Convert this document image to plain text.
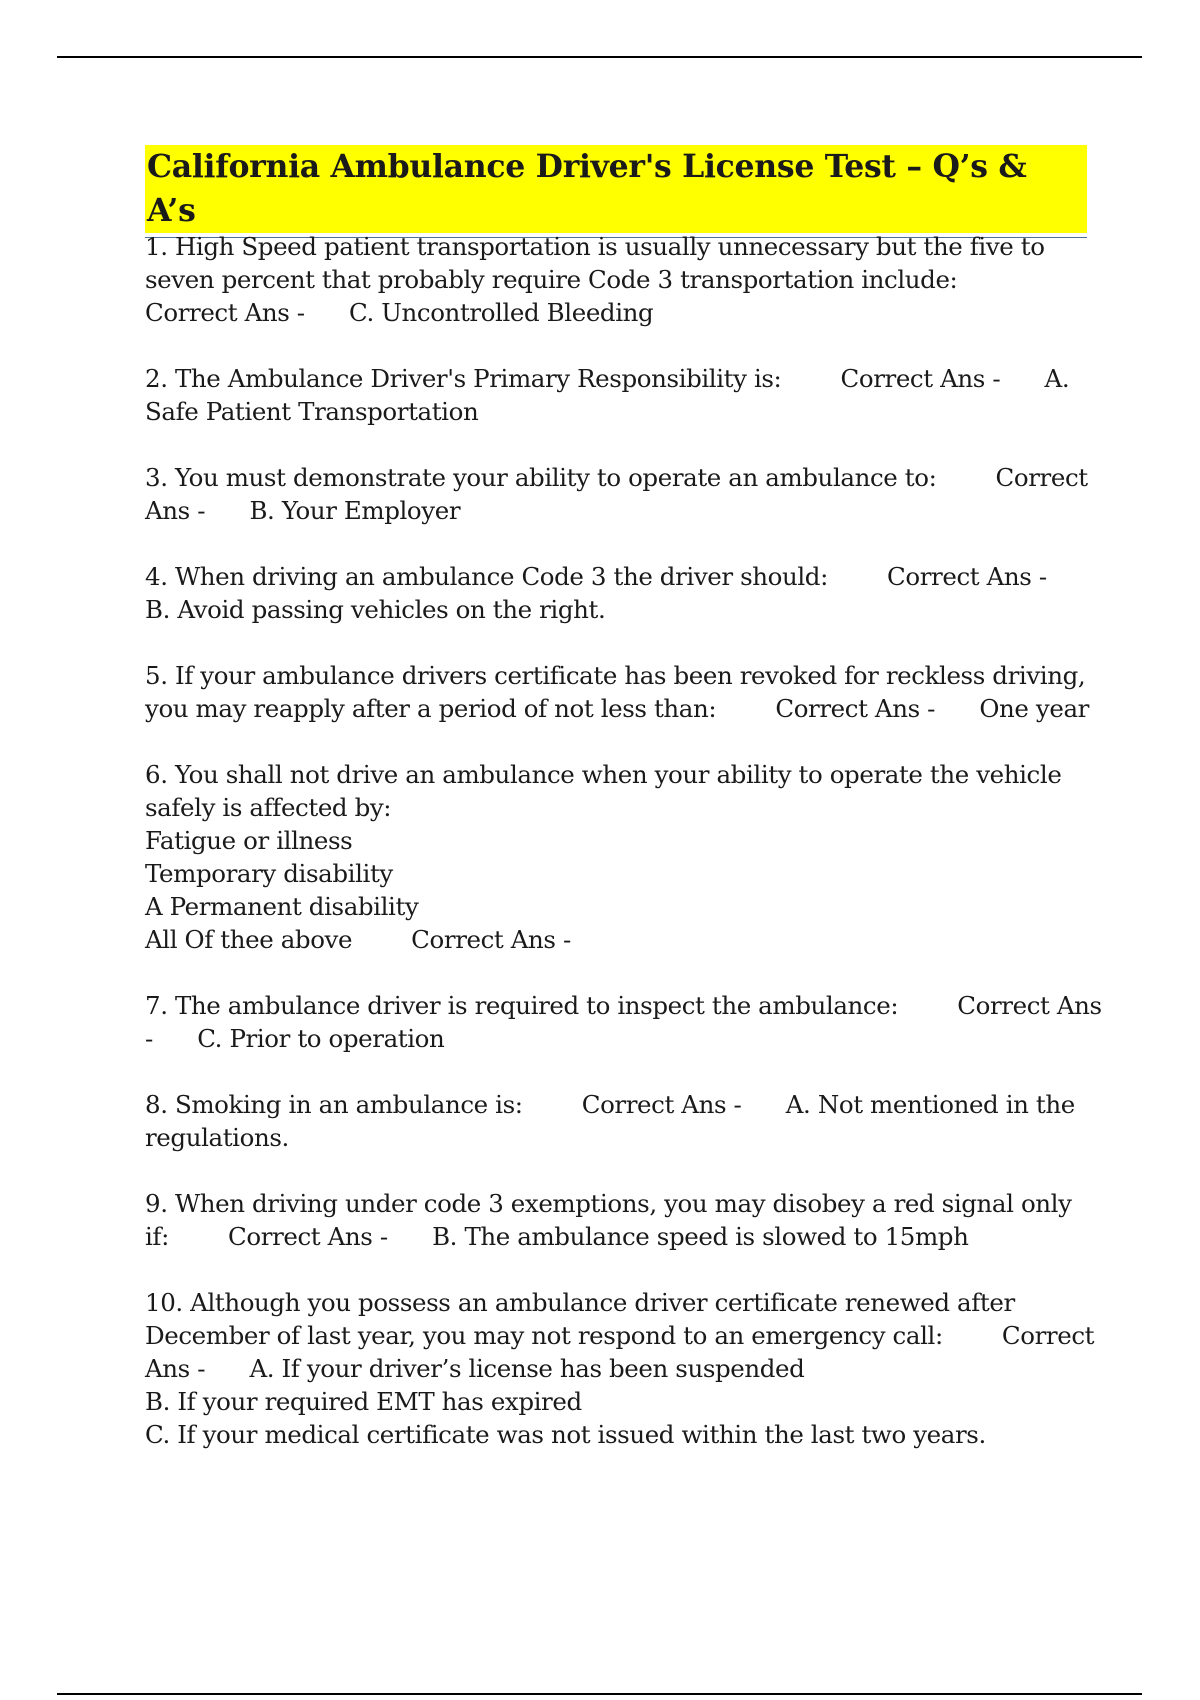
California Ambulance Driver's License Test – Q’s & A’s
1. High Speed patient transportation is usually unnecessary but the five to
seven percent that probably require Code 3 transportation include:
Correct Ans -      C. Uncontrolled Bleeding
2. The Ambulance Driver's Primary Responsibility is:        Correct Ans -      A.
Safe Patient Transportation
3. You must demonstrate your ability to operate an ambulance to:        Correct
Ans -      B. Your Employer
4. When driving an ambulance Code 3 the driver should:        Correct Ans -
B. Avoid passing vehicles on the right.
5. If your ambulance drivers certificate has been revoked for reckless driving,
you may reapply after a period of not less than:        Correct Ans -      One year
6. You shall not drive an ambulance when your ability to operate the vehicle
safely is affected by:
Fatigue or illness
Temporary disability
A Permanent disability
All Of thee above        Correct Ans -
7. The ambulance driver is required to inspect the ambulance:        Correct Ans
-      C. Prior to operation
8. Smoking in an ambulance is:        Correct Ans -      A. Not mentioned in the
regulations.
9. When driving under code 3 exemptions, you may disobey a red signal only
if:        Correct Ans -      B. The ambulance speed is slowed to 15mph
10. Although you possess an ambulance driver certificate renewed after
December of last year, you may not respond to an emergency call:        Correct
Ans -      A. If your driver’s license has been suspended
B. If your required EMT has expired
C. If your medical certificate was not issued within the last two years.
